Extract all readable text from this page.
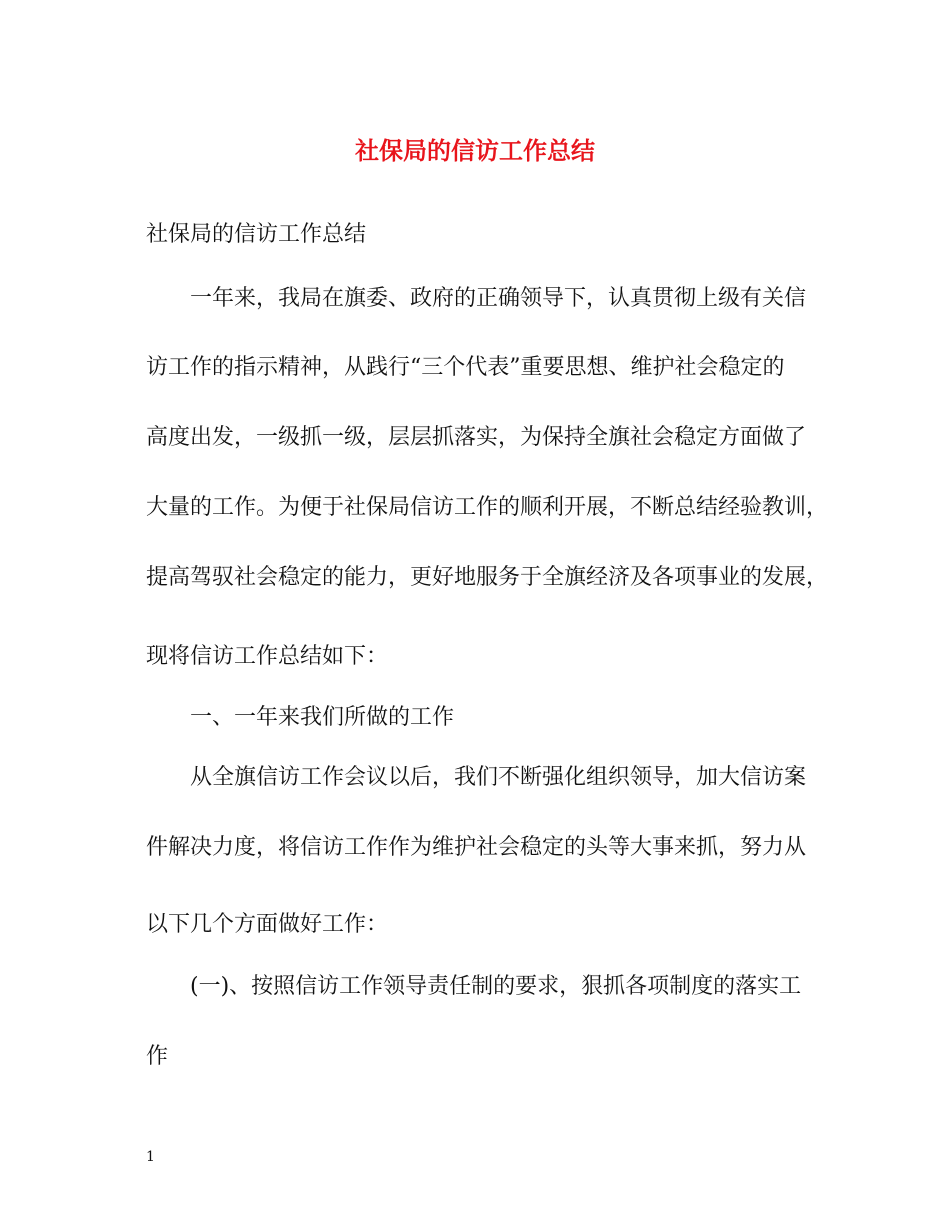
社保局的信访工作总结

社保局的信访工作总结

一年来，我局在旗委、政府的正确领导下，认真贯彻上级有关信

访工作的指示精神，从践行“三个代表”重要思想、维护社会稳定的

高度出发，一级抓一级，层层抓落实，为保持全旗社会稳定方面做了

大量的工作。为便于社保局信访工作的顺利开展，不断总结经验教训，

提高驾驭社会稳定的能力，更好地服务于全旗经济及各项事业的发展，

现将信访工作总结如下：

一、一年来我们所做的工作

从全旗信访工作会议以后，我们不断强化组织领导，加大信访案

件解决力度，将信访工作作为维护社会稳定的头等大事来抓，努力从

以下几个方面做好工作：

(一)、按照信访工作领导责任制的要求，狠抓各项制度的落实工

作

1
